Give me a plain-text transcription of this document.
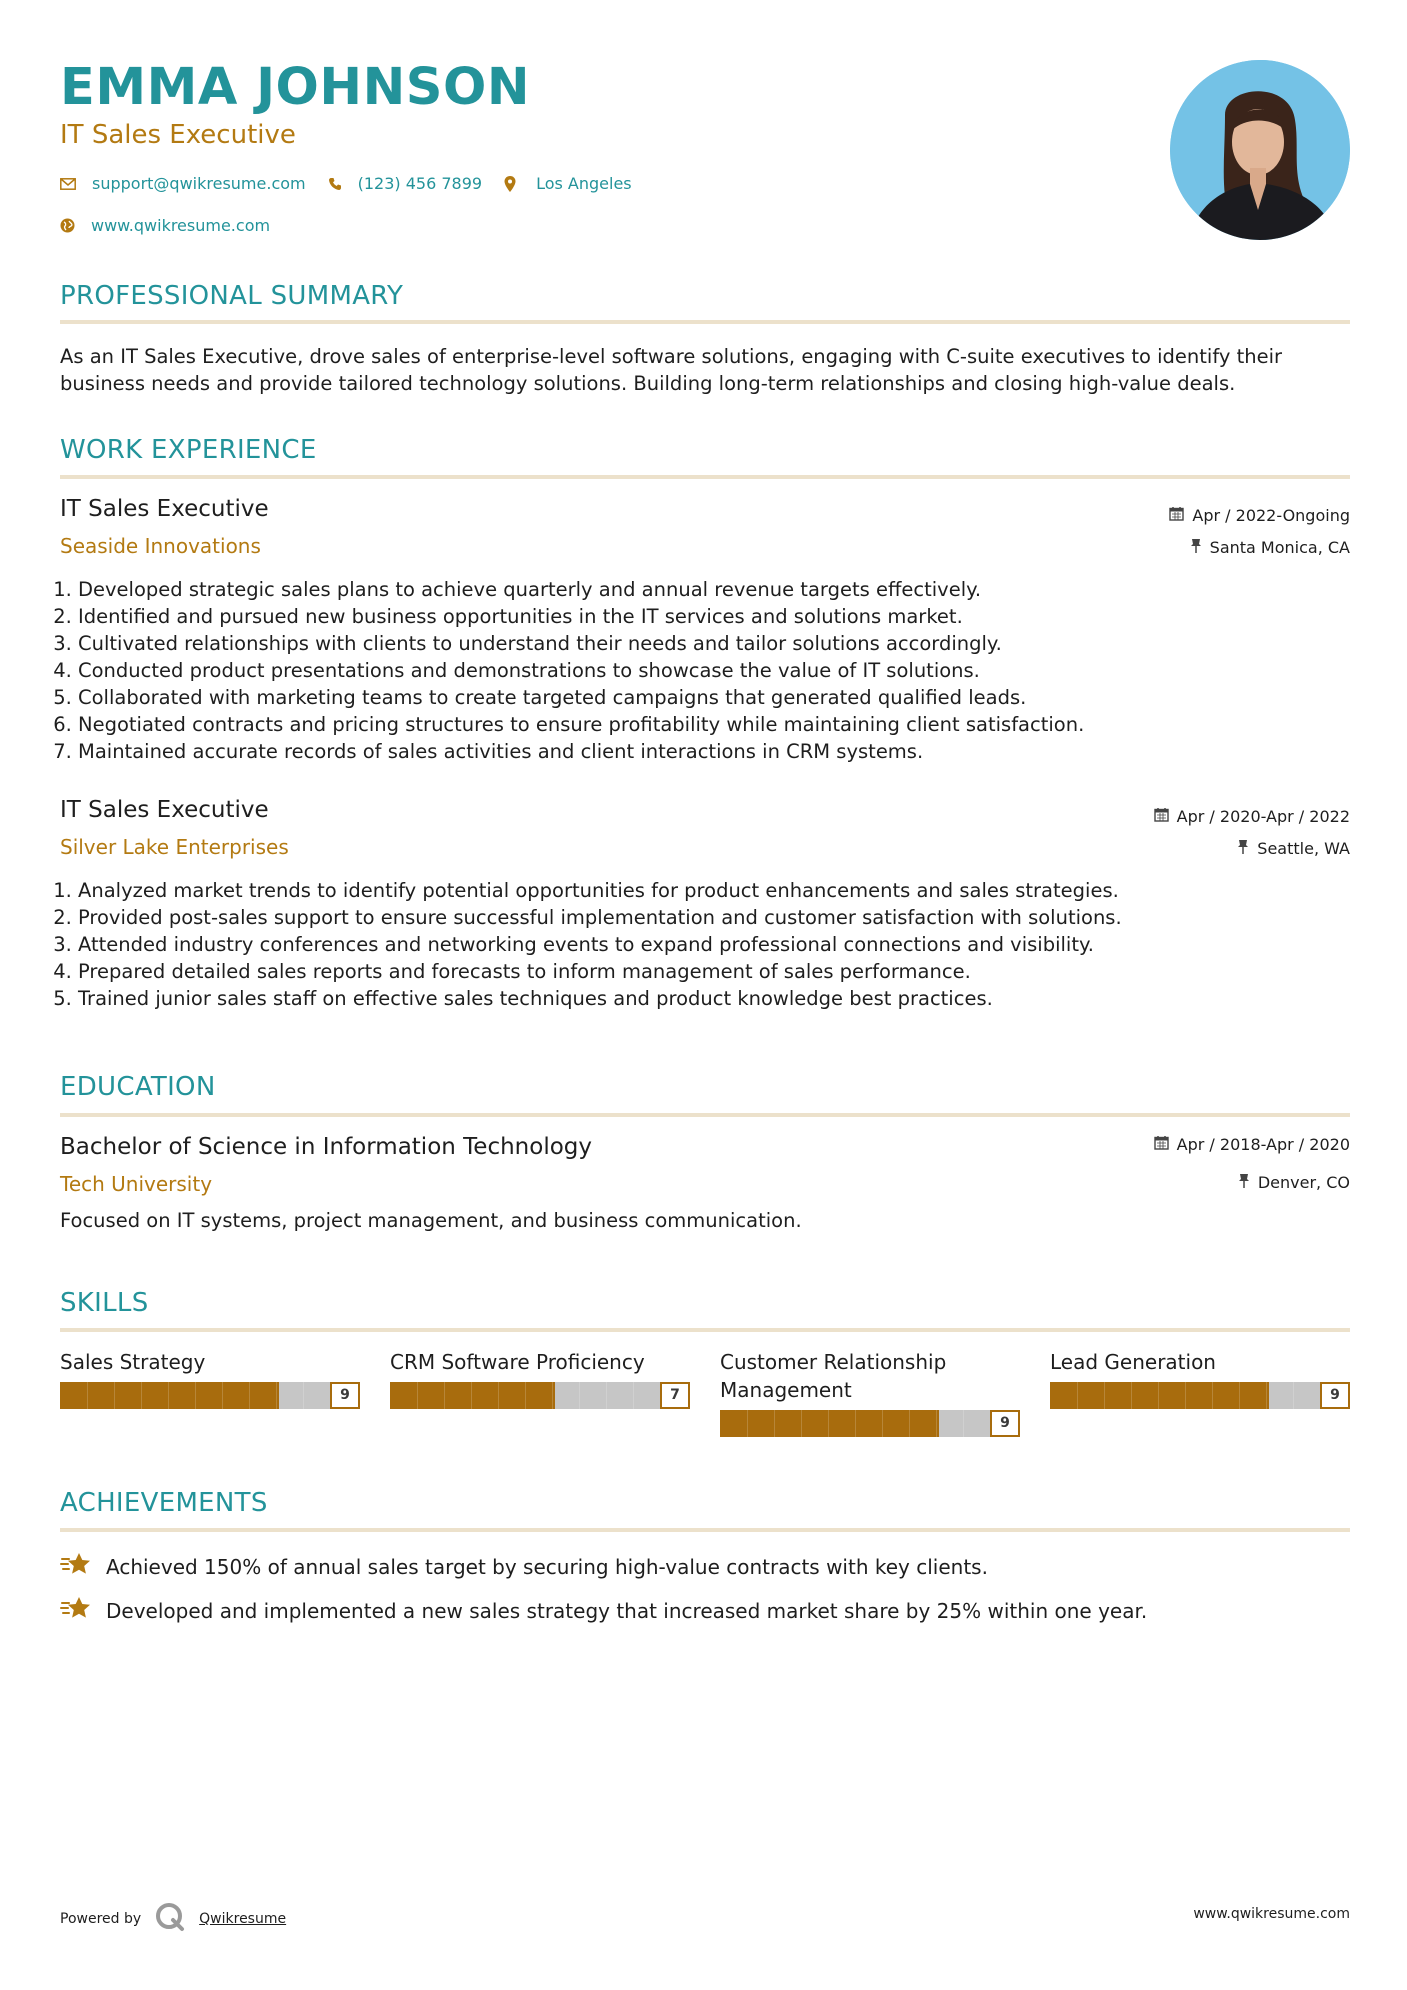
EMMA JOHNSON
IT Sales Executive
support@qwikresume.com	(123) 456 7899	Los Angeles
www.qwikresume.com
PROFESSIONAL SUMMARY
As an IT Sales Executive, drove sales of enterprise-level software solutions, engaging with C-suite executives to identify their business needs and provide tailored technology solutions. Building long-term relationships and closing high-value deals.
WORK EXPERIENCE
IT Sales Executive
Seaside Innovations
Apr / 2022-Ongoing
Santa Monica, CA
1. Developed strategic sales plans to achieve quarterly and annual revenue targets effectively.
2. Identified and pursued new business opportunities in the IT services and solutions market.
3. Cultivated relationships with clients to understand their needs and tailor solutions accordingly.
4. Conducted product presentations and demonstrations to showcase the value of IT solutions.
5. Collaborated with marketing teams to create targeted campaigns that generated qualified leads.
6. Negotiated contracts and pricing structures to ensure profitability while maintaining client satisfaction.
7. Maintained accurate records of sales activities and client interactions in CRM systems.
IT Sales Executive
Silver Lake Enterprises
Apr / 2020-Apr / 2022
Seattle, WA
1. Analyzed market trends to identify potential opportunities for product enhancements and sales strategies.
2. Provided post-sales support to ensure successful implementation and customer satisfaction with solutions.
3. Attended industry conferences and networking events to expand professional connections and visibility.
4. Prepared detailed sales reports and forecasts to inform management of sales performance.
5. Trained junior sales staff on effective sales techniques and product knowledge best practices.
EDUCATION
Bachelor of Science in Information Technology
Tech University
Apr / 2018-Apr / 2020
Denver, CO
Focused on IT systems, project management, and business communication.
SKILLS
Sales Strategy
9
CRM Software Proficiency
7
Customer Relationship Management
9
Lead Generation
9
ACHIEVEMENTS
Achieved 150% of annual sales target by securing high-value contracts with key clients.
Developed and implemented a new sales strategy that increased market share by 25% within one year.
Powered by	Qwikresume	www.qwikresume.com
